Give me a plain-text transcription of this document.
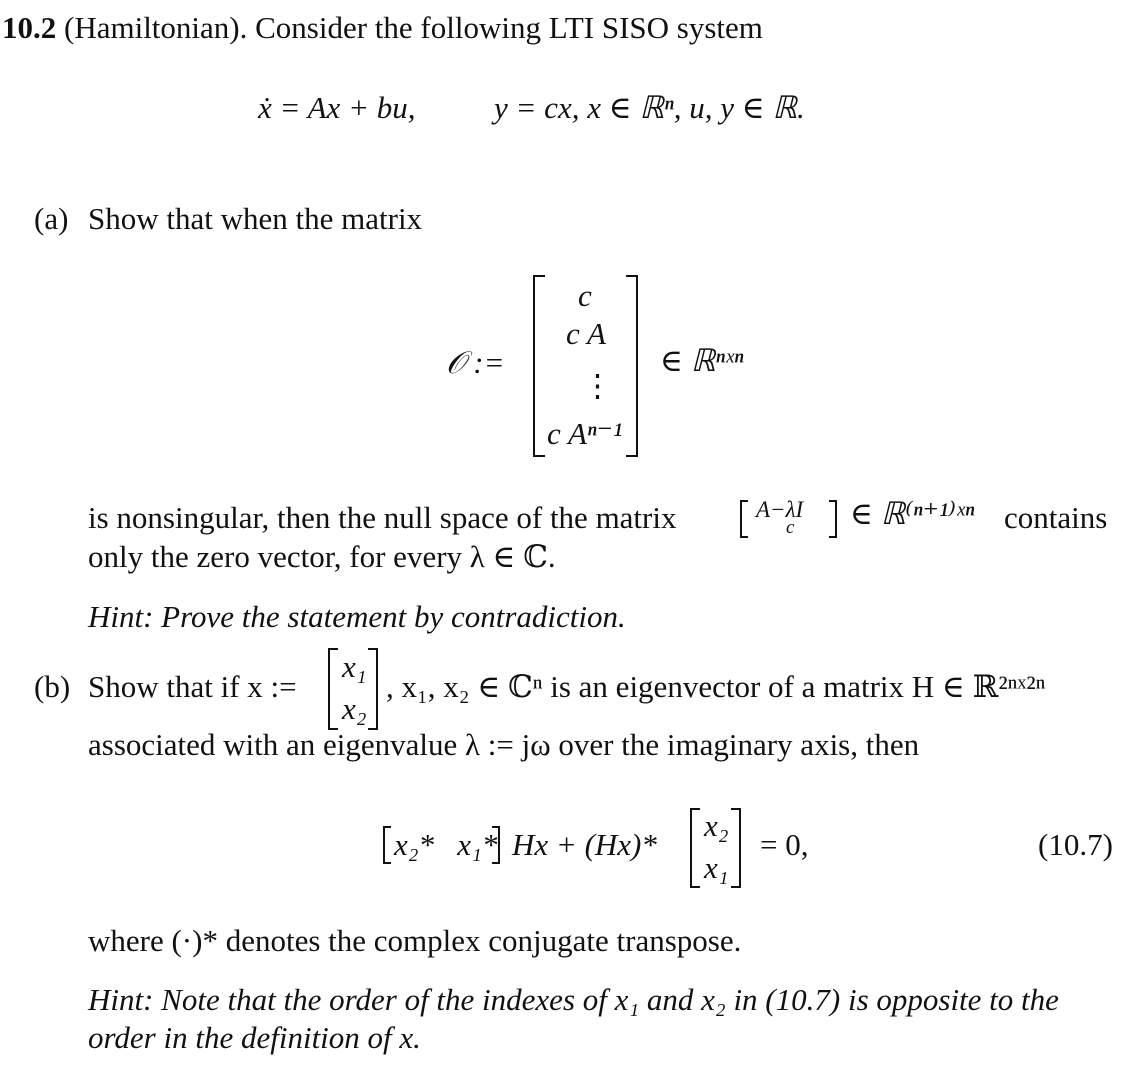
10.2 (Hamiltonian). Consider the following LTI SISO system
ẋ = Ax + bu,	y = cx, x ∈ ℝⁿ, u, y ∈ ℝ.
(a) Show that when the matrix
𝒪 :=
c
c A
⋮
c Aⁿ⁻¹
∈ ℝⁿˣⁿ
is nonsingular, then the null space of the matrix	A−λI
c ∈ ℝ⁽ⁿ⁺¹⁾ˣⁿ contains
only the zero vector, for every λ ∈ ℂ.
Hint: Prove the statement by contradiction.
(b) Show that if x :=
x₁
x₂
, x₁, x₂ ∈ ℂⁿ is an eigenvector of a matrix H ∈ ℝ²ⁿˣ²ⁿ
associated with an eigenvalue λ := jω over the imaginary axis, then
x₂*   x₁* Hx + (Hx)*
x₂
x₁
= 0,	(10.7)
where (·)* denotes the complex conjugate transpose.
Hint: Note that the order of the indexes of x₁ and x₂ in (10.7) is opposite to the
order in the definition of x.
